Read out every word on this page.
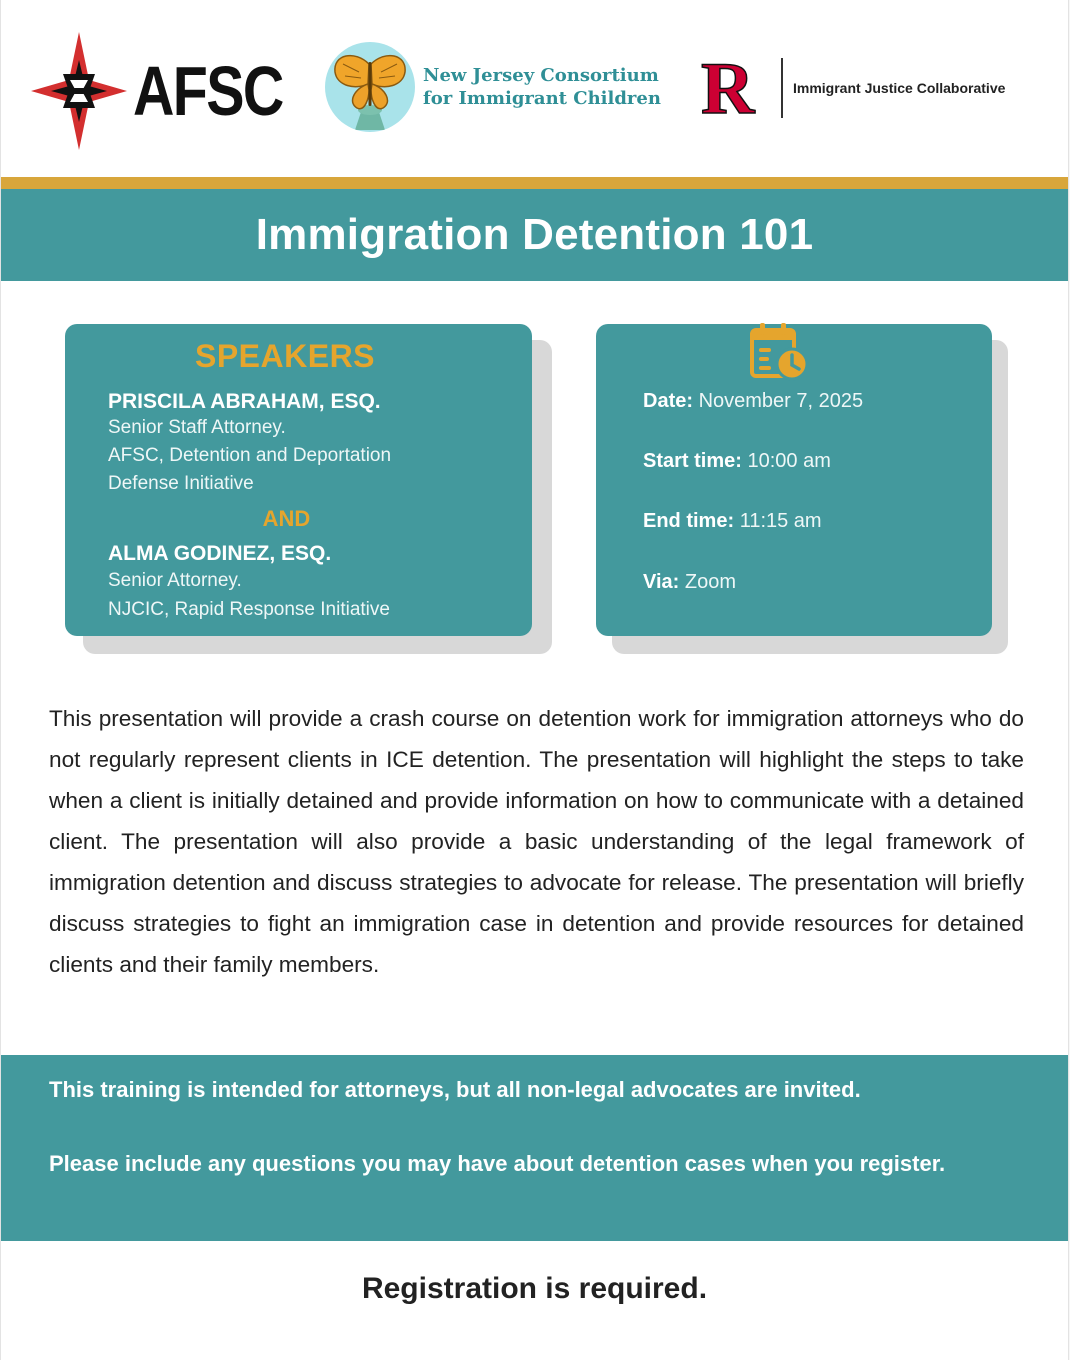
AFSC	New Jersey Consortium
for Immigrant Children R	Immigrant Justice Collaborative
Immigration Detention 101
SPEAKERS
PRISCILA ABRAHAM, ESQ.
Senior Staff Attorney.
AFSC, Detention and Deportation
Defense Initiative
AND
ALMA GODINEZ, ESQ.
Senior Attorney.
NJCIC, Rapid Response Initiative
Date: November 7, 2025
Start time: 10:00 am
End time: 11:15 am
Via: Zoom

This presentation will provide a crash course on detention work for immigration attorneys who do not regularly represent clients in ICE detention. The presentation will highlight the steps to take when a client is initially detained and provide information on how to communicate with a detained client. The presentation will also provide a basic understanding of the legal framework of immigration detention and discuss strategies to advocate for release. The presentation will briefly discuss strategies to fight an immigration case in detention and provide resources for detained clients and their family members.

This training is intended for attorneys, but all non-legal advocates are invited.

Please include any questions you may have about detention cases when you register.

Registration is required.
